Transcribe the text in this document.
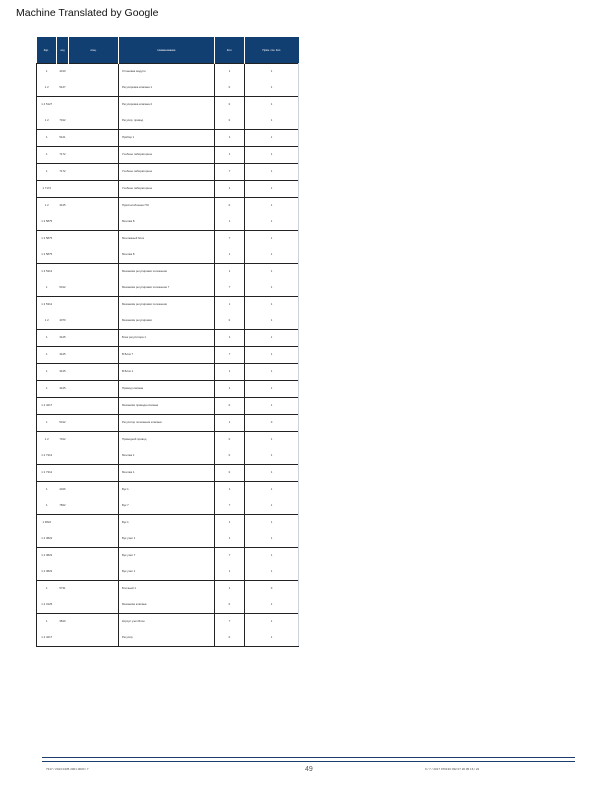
Machine Translated by Google
Кор.	код	спец.	Наименование	Кол.	Прим. поз. Кол.

1	4310		Установка модуля	1	1
1 2	5127		Регулировка клапана 1	К	1
1 4 5127			Регулировка клапана 2	К	1
1 2	7012		Регулир. привод	К	1
1	5121		Прибор 1	1	1
1	7172		Учебное лабораторное	1	1
1	7172		Учебное лабораторное	7	1
1 7172			Учебное лабораторное	1	1
1 2	3125		Приспособление ПО	К	1
1 2 5875			Монтаж 8	1	1
1 2 5875			Монтажный блок	7	1
1 2 5875			Монтаж 8	1	1
1 2 5312			Механизм регулировки положения	1	1
1	5312		Механизм регулировки положения 7	7	1
1 2 5312			Механизм регулировки положения	1	1
1 2	4370		Механизм регулировки	К	1
1	3125		Блок регулятора 1	1	1
1	3125		В Блок 7	7	1
1	3125		В Блок 1	1	1
1	3125		Привод клапана	1	1
1 2 4217			Механизм привода клапана	К	1
1	5312		Регулятор положения клапана	1	0
1 2	7012		Приводной привод	К	1
1 2 7312			Монтаж 1	К	1
1 2 7312			Монтаж 1	К	1
1	4326		Бук 1	1	1
1	7822		Бук 7	7	1
1 3822			Бук 1	1	1
1 2 3822			Бук узел 1	1	1
1 2 3822			Бук узел 7	7	1
1 2 3822			Бук узел 1	1	1
1	5731		Блочный 1	1	0
1 2 3125			Механизм клапана	К	1
1	3810		Корпус узел Блок	7	1
1 2 4217			Регулир.	К	1
7317 / 2013 0435 2001 0030 / 7	49	0 / 7 / 2017 070130 032 07 20 05 16 / 22
